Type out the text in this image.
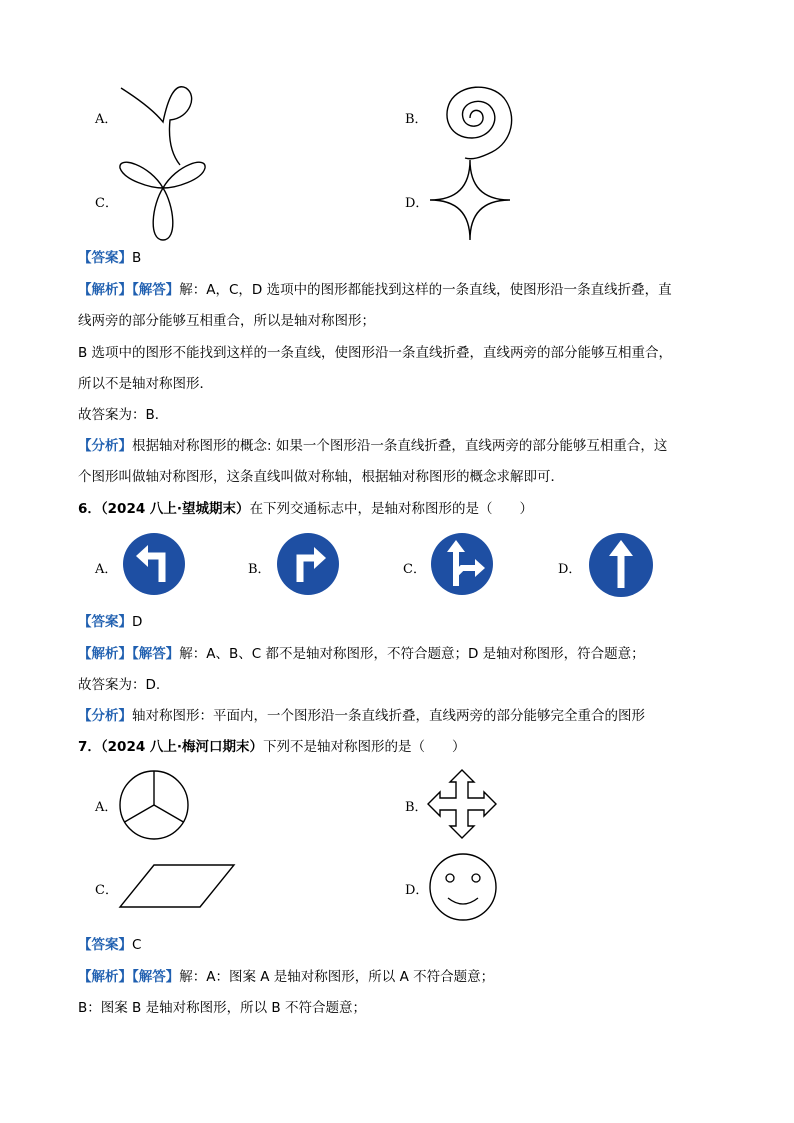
A．	B．
C．	D．
【答案】B
【解析】【解答】解：A，C，D 选项中的图形都能找到这样的一条直线，使图形沿一条直线折叠，直
线两旁的部分能够互相重合，所以是轴对称图形；
B 选项中的图形不能找到这样的一条直线，使图形沿一条直线折叠，直线两旁的部分能够互相重合，
所以不是轴对称图形．
故答案为：B．
【分析】根据轴对称图形的概念: 如果一个图形沿一条直线折叠，直线两旁的部分能够互相重合，这
个图形叫做轴对称图形，这条直线叫做对称轴，根据轴对称图形的概念求解即可．
6．（2024 八上·望城期末）在下列交通标志中，是轴对称图形的是（　　）
A．	B．	C．	D．
【答案】D
【解析】【解答】解：A、B、C 都不是轴对称图形，不符合题意；D 是轴对称图形，符合题意；
故答案为：D.
【分析】轴对称图形：平面内，一个图形沿一条直线折叠，直线两旁的部分能够完全重合的图形
7．（2024 八上·梅河口期末）下列不是轴对称图形的是（　　）
A．	B．
C．	D．
【答案】C
【解析】【解答】解：A：图案 A 是轴对称图形，所以 A 不符合题意；
B：图案 B 是轴对称图形，所以 B 不符合题意；
